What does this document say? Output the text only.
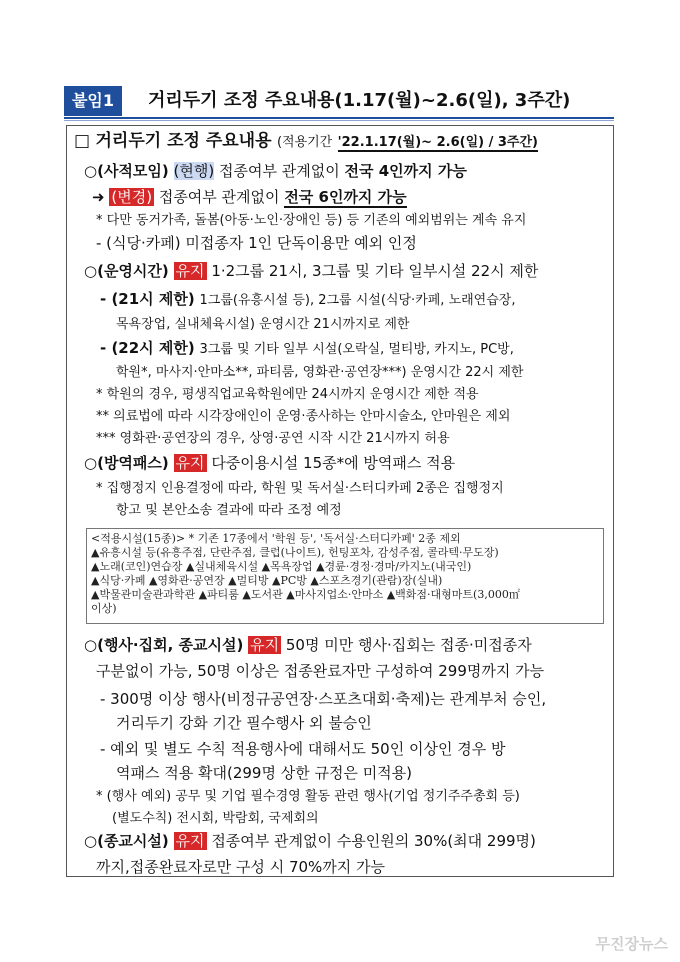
붙임1	거리두기 조정 주요내용(1.17(월)~2.6(일), 3주간)
□ 거리두기 조정 주요내용 (적용기간 '22.1.17(월)~ 2.6(일) / 3주간)
○(사적모임) (현행) 접종여부 관계없이 전국 4인까지 가능
➜ (변경) 접종여부 관계없이 전국 6인까지 가능
* 다만 동거가족, 돌봄(아동·노인·장애인 등) 등 기존의 예외범위는 계속 유지
- (식당·카페) 미접종자 1인 단독이용만 예외 인정
○(운영시간) 유지 1·2그룹 21시, 3그룹 및 기타 일부시설 22시 제한
- (21시 제한) 1그룹(유흥시설 등), 2그룹 시설(식당·카페, 노래연습장,
목욕장업, 실내체육시설) 운영시간 21시까지로 제한
- (22시 제한) 3그룹 및 기타 일부 시설(오락실, 멀티방, 카지노, PC방,
학원*, 마사지·안마소**, 파티룸, 영화관·공연장***) 운영시간 22시 제한
* 학원의 경우, 평생직업교육학원에만 24시까지 운영시간 제한 적용
** 의료법에 따라 시각장애인이 운영·종사하는 안마시술소, 안마원은 제외
*** 영화관·공연장의 경우, 상영·공연 시작 시간 21시까지 허용
○(방역패스) 유지 다중이용시설 15종*에 방역패스 적용
* 집행정지 인용결정에 따라, 학원 및 독서실·스터디카페 2종은 집행정지
항고 및 본안소송 결과에 따라 조정 예정
<적용시설(15종)> * 기존 17종에서 '학원 등', '독서실·스터디카페' 2종 제외
▲유흥시설 등(유흥주점, 단란주점, 클럽(나이트), 헌팅포차, 감성주점, 콜라텍·무도장)
▲노래(코인)연습장 ▲실내체육시설 ▲목욕장업 ▲경륜·경정·경마/카지노(내국인)
▲식당·카페 ▲영화관·공연장 ▲멀티방 ▲PC방 ▲스포츠경기(관람)장(실내)
▲박물관미술관과학관 ▲파티룸 ▲도서관 ▲마사지업소·안마소 ▲백화점·대형마트(3,000㎡
이상)
○(행사·집회, 종교시설) 유지 50명 미만 행사·집회는 접종·미접종자
구분없이 가능, 50명 이상은 접종완료자만 구성하여 299명까지 가능
- 300명 이상 행사(비정규공연장·스포츠대회·축제)는 관계부처 승인,
거리두기 강화 기간 필수행사 외 불승인
- 예외 및 별도 수칙 적용행사에 대해서도 50인 이상인 경우 방
역패스 적용 확대(299명 상한 규정은 미적용)
* (행사 예외) 공무 및 기업 필수경영 활동 관련 행사(기업 정기주주총회 등)
(별도수칙) 전시회, 박람회, 국제회의
○(종교시설) 유지 접종여부 관계없이 수용인원의 30%(최대 299명)
까지,접종완료자로만 구성 시 70%까지 가능
무진장뉴스
